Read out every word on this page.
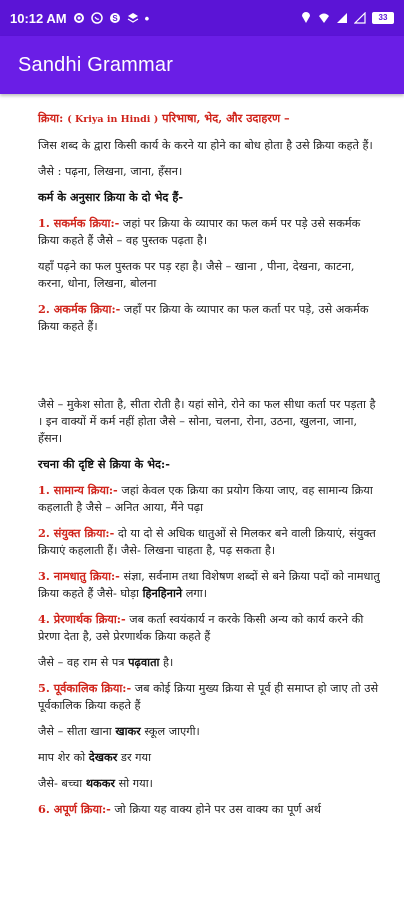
10:12 AM	S •	33
Sandhi Grammar

क्रिया: ( Kriya in Hindi ) परिभाषा, भेद, और उदाहरण –

जिस शब्द के द्वारा किसी कार्य के करने या होने का बोध होता है उसे क्रिया कहते हैं।

जैसे : पढ़ना, लिखना, जाना, हँसन।

कर्म के अनुसार क्रिया के दो भेद हैं-

1. सकर्मक क्रिया:- जहां पर क्रिया के व्यापार का फल कर्म पर पड़े उसे सकर्मक क्रिया कहते हैं जैसे – वह पुस्तक पढ़ता है।

यहाँ पढ़ने का फल पुस्तक पर पड़ रहा है। जैसे – खाना , पीना, देखना, काटना, करना, धोना, लिखना, बोलना

2. अकर्मक क्रिया:- जहाँ पर क्रिया के व्यापार का फल कर्ता पर पड़े, उसे अकर्मक क्रिया कहते हैं।

जैसे – मुकेश सोता है, सीता रोती है। यहां सोने, रोने का फल सीधा कर्ता पर पड़ता है । इन वाक्यों में कर्म नहीं होता जैसे – सोना, चलना, रोना, उठना, खुलना, जाना, हँसन।

रचना की दृष्टि से क्रिया के भेद:-

1. सामान्य क्रिया:- जहां केवल एक क्रिया का प्रयोग किया जाए, वह सामान्य क्रिया कहलाती है जैसे – अनित आया, मैंने पढ़ा

2. संयुक्त क्रिया:- दो या दो से अधिक धातुओं से मिलकर बने वाली क्रियाएं, संयुक्त क्रियाएं कहलाती हैं। जैसे- लिखना चाहता है, पढ़ सकता है।

3. नामधातु क्रिया:- संज्ञा, सर्वनाम तथा विशेषण शब्दों से बने क्रिया पदों को नामधातु क्रिया कहते हैं जैसे- घोड़ा हिनहिनाने लगा।

4. प्रेरणार्थक क्रिया:- जब कर्ता स्वयंकार्य न करके किसी अन्य को कार्य करने की प्रेरणा देता है, उसे प्रेरणार्थक क्रिया कहते हैं

जैसे – वह राम से पत्र पढ़वाता है।

5. पूर्वकालिक क्रिया:- जब कोई क्रिया मुख्य क्रिया से पूर्व ही समाप्त हो जाए तो उसे पूर्वकालिक क्रिया कहते हैं

जैसे – सीता खाना खाकर स्कूल जाएगी।

माप शेर को देखकर डर गया

जैसे- बच्चा थककर सो गया।

6. अपूर्ण क्रिया:- जो क्रिया यह वाक्य होने पर उस वाक्य का पूर्ण अर्थ
